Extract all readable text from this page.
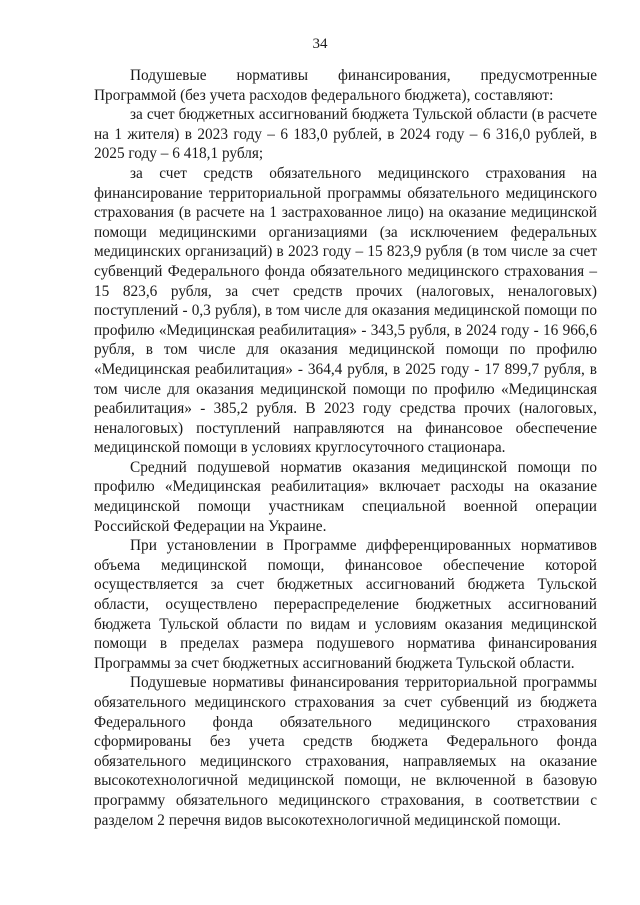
34

Подушевые нормативы финансирования, предусмотренные Программой (без учета расходов федерального бюджета), составляют:

за счет бюджетных ассигнований бюджета Тульской области (в расчете на 1 жителя) в 2023 году – 6 183,0 рублей, в 2024 году – 6 316,0 рублей, в 2025 году – 6 418,1 рубля;

за счет средств обязательного медицинского страхования на финансирование территориальной программы обязательного медицинского страхования (в расчете на 1 застрахованное лицо) на оказание медицинской помощи медицинскими организациями (за исключением федеральных медицинских организаций) в 2023 году – 15 823,9 рубля (в том числе за счет субвенций Федерального фонда обязательного медицинского страхования – 15 823,6 рубля, за счет средств прочих (налоговых, неналоговых) поступлений - 0,3 рубля), в том числе для оказания медицинской помощи по профилю «Медицинская реабилитация» - 343,5 рубля, в 2024 году - 16 966,6 рубля, в том числе для оказания медицинской помощи по профилю «Медицинская реабилитация» - 364,4 рубля, в 2025 году - 17 899,7 рубля, в том числе для оказания медицинской помощи по профилю «Медицинская реабилитация» - 385,2 рубля. В 2023 году средства прочих (налоговых, неналоговых) поступлений направляются на финансовое обеспечение медицинской помощи в условиях круглосуточного стационара.

Средний подушевой норматив оказания медицинской помощи по профилю «Медицинская реабилитация» включает расходы на оказание медицинской помощи участникам специальной военной операции Российской Федерации на Украине.

При установлении в Программе дифференцированных нормативов объема медицинской помощи, финансовое обеспечение которой осуществляется за счет бюджетных ассигнований бюджета Тульской области, осуществлено перераспределение бюджетных ассигнований бюджета Тульской области по видам и условиям оказания медицинской помощи в пределах размера подушевого норматива финансирования Программы за счет бюджетных ассигнований бюджета Тульской области.

Подушевые нормативы финансирования территориальной программы обязательного медицинского страхования за счет субвенций из бюджета Федерального фонда обязательного медицинского страхования сформированы без учета средств бюджета Федерального фонда обязательного медицинского страхования, направляемых на оказание высокотехнологичной медицинской помощи, не включенной в базовую программу обязательного медицинского страхования, в соответствии с разделом 2 перечня видов высокотехнологичной медицинской помощи.
